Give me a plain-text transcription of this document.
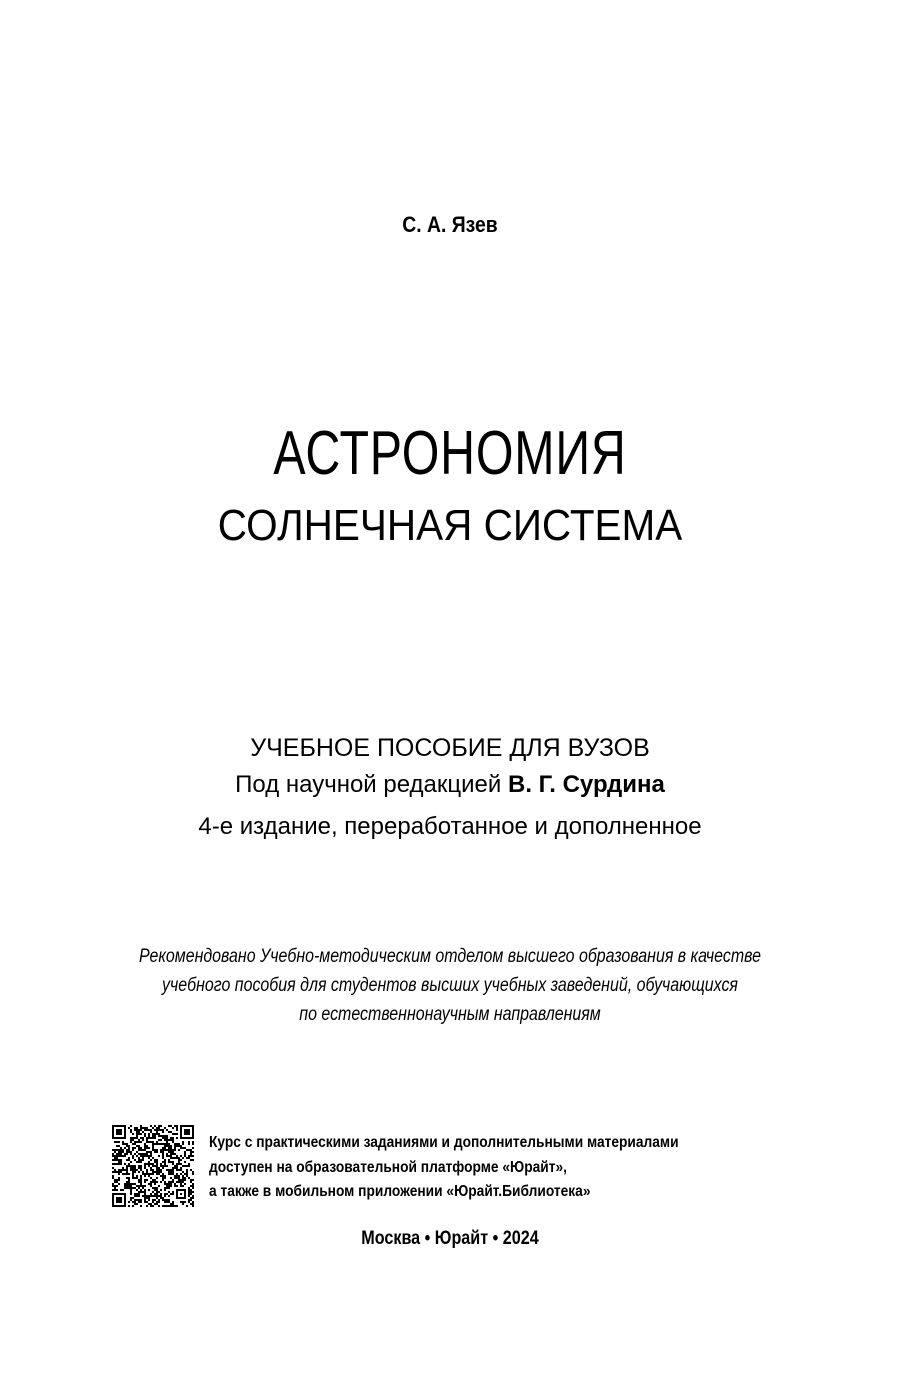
С. А. Язев
АСТРОНОМИЯ
СОЛНЕЧНАЯ СИСТЕМА
УЧЕБНОЕ ПОСОБИЕ ДЛЯ ВУЗОВ
Под научной редакцией В. Г. Сурдина
4-е издание, переработанное и дополненное
Рекомендовано Учебно-методическим отделом высшего образования в качестве
учебного пособия для студентов высших учебных заведений, обучающихся
по естественнонаучным направлениям
Курс с практическими заданиями и дополнительными материалами
доступен на образовательной платформе «Юрайт»,
а также в мобильном приложении «Юрайт.Библиотека»
Москва • Юрайт • 2024
